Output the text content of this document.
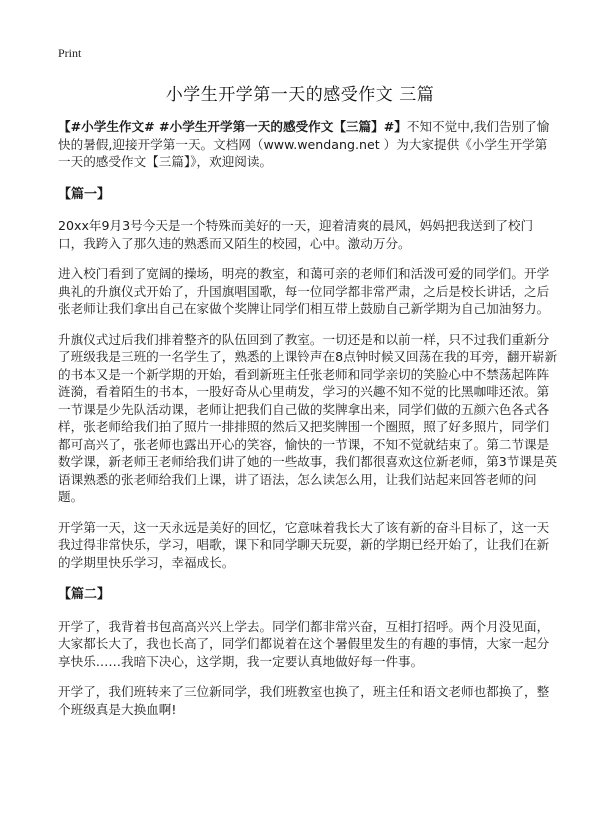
Print
小学生开学第一天的感受作文 三篇

【#小学生作文# #小学生开学第一天的感受作文【三篇】#】不知不觉中,我们告别了愉快的暑假,迎接开学第一天。文档网（www.wendang.net ）为大家提供《小学生开学第一天的感受作文【三篇】》，欢迎阅读。

【篇一】

20xx年9月3号今天是一个特殊而美好的一天，迎着清爽的晨风，妈妈把我送到了校门口，我跨入了那久违的熟悉而又陌生的校园，心中。激动万分。

进入校门看到了宽阔的操场，明亮的教室，和蔼可亲的老师们和活泼可爱的同学们。开学典礼的升旗仪式开始了，升国旗唱国歌，每一位同学都非常严肃，之后是校长讲话，之后张老师让我们拿出自己在家做个奖牌让同学们相互带上鼓励自己新学期为自己加油努力。

升旗仪式过后我们排着整齐的队伍回到了教室。一切还是和以前一样，只不过我们重新分了班级我是三班的一名学生了，熟悉的上课铃声在8点钟时候又回荡在我的耳旁，翻开崭新的书本又是一个新学期的开始，看到新班主任张老师和同学亲切的笑脸心中不禁荡起阵阵涟漪，看着陌生的书本，一股好奇从心里萌发，学习的兴趣不知不觉的比黑咖啡还浓。第一节课是少先队活动课，老师让把我们自己做的奖牌拿出来，同学们做的五颜六色各式各样，张老师给我们拍了照片一排排照的然后又把奖牌围一个圈照，照了好多照片，同学们都可高兴了，张老师也露出开心的笑容，愉快的一节课，不知不觉就结束了。第二节课是数学课，新老师王老师给我们讲了她的一些故事，我们都很喜欢这位新老师，第3节课是英语课熟悉的张老师给我们上课，讲了语法，怎么读怎么用，让我们站起来回答老师的问题。

开学第一天，这一天永远是美好的回忆，它意味着我长大了该有新的奋斗目标了，这一天我过得非常快乐，学习，唱歌，课下和同学聊天玩耍，新的学期已经开始了，让我们在新的学期里快乐学习，幸福成长。

【篇二】

开学了，我背着书包高高兴兴上学去。同学们都非常兴奋，互相打招呼。两个月没见面，大家都长大了，我也长高了，同学们都说着在这个暑假里发生的有趣的事情，大家一起分享快乐……我暗下决心，这学期，我一定要认真地做好每一件事。

开学了，我们班转来了三位新同学，我们班教室也换了，班主任和语文老师也都换了，整个班级真是大换血啊!
